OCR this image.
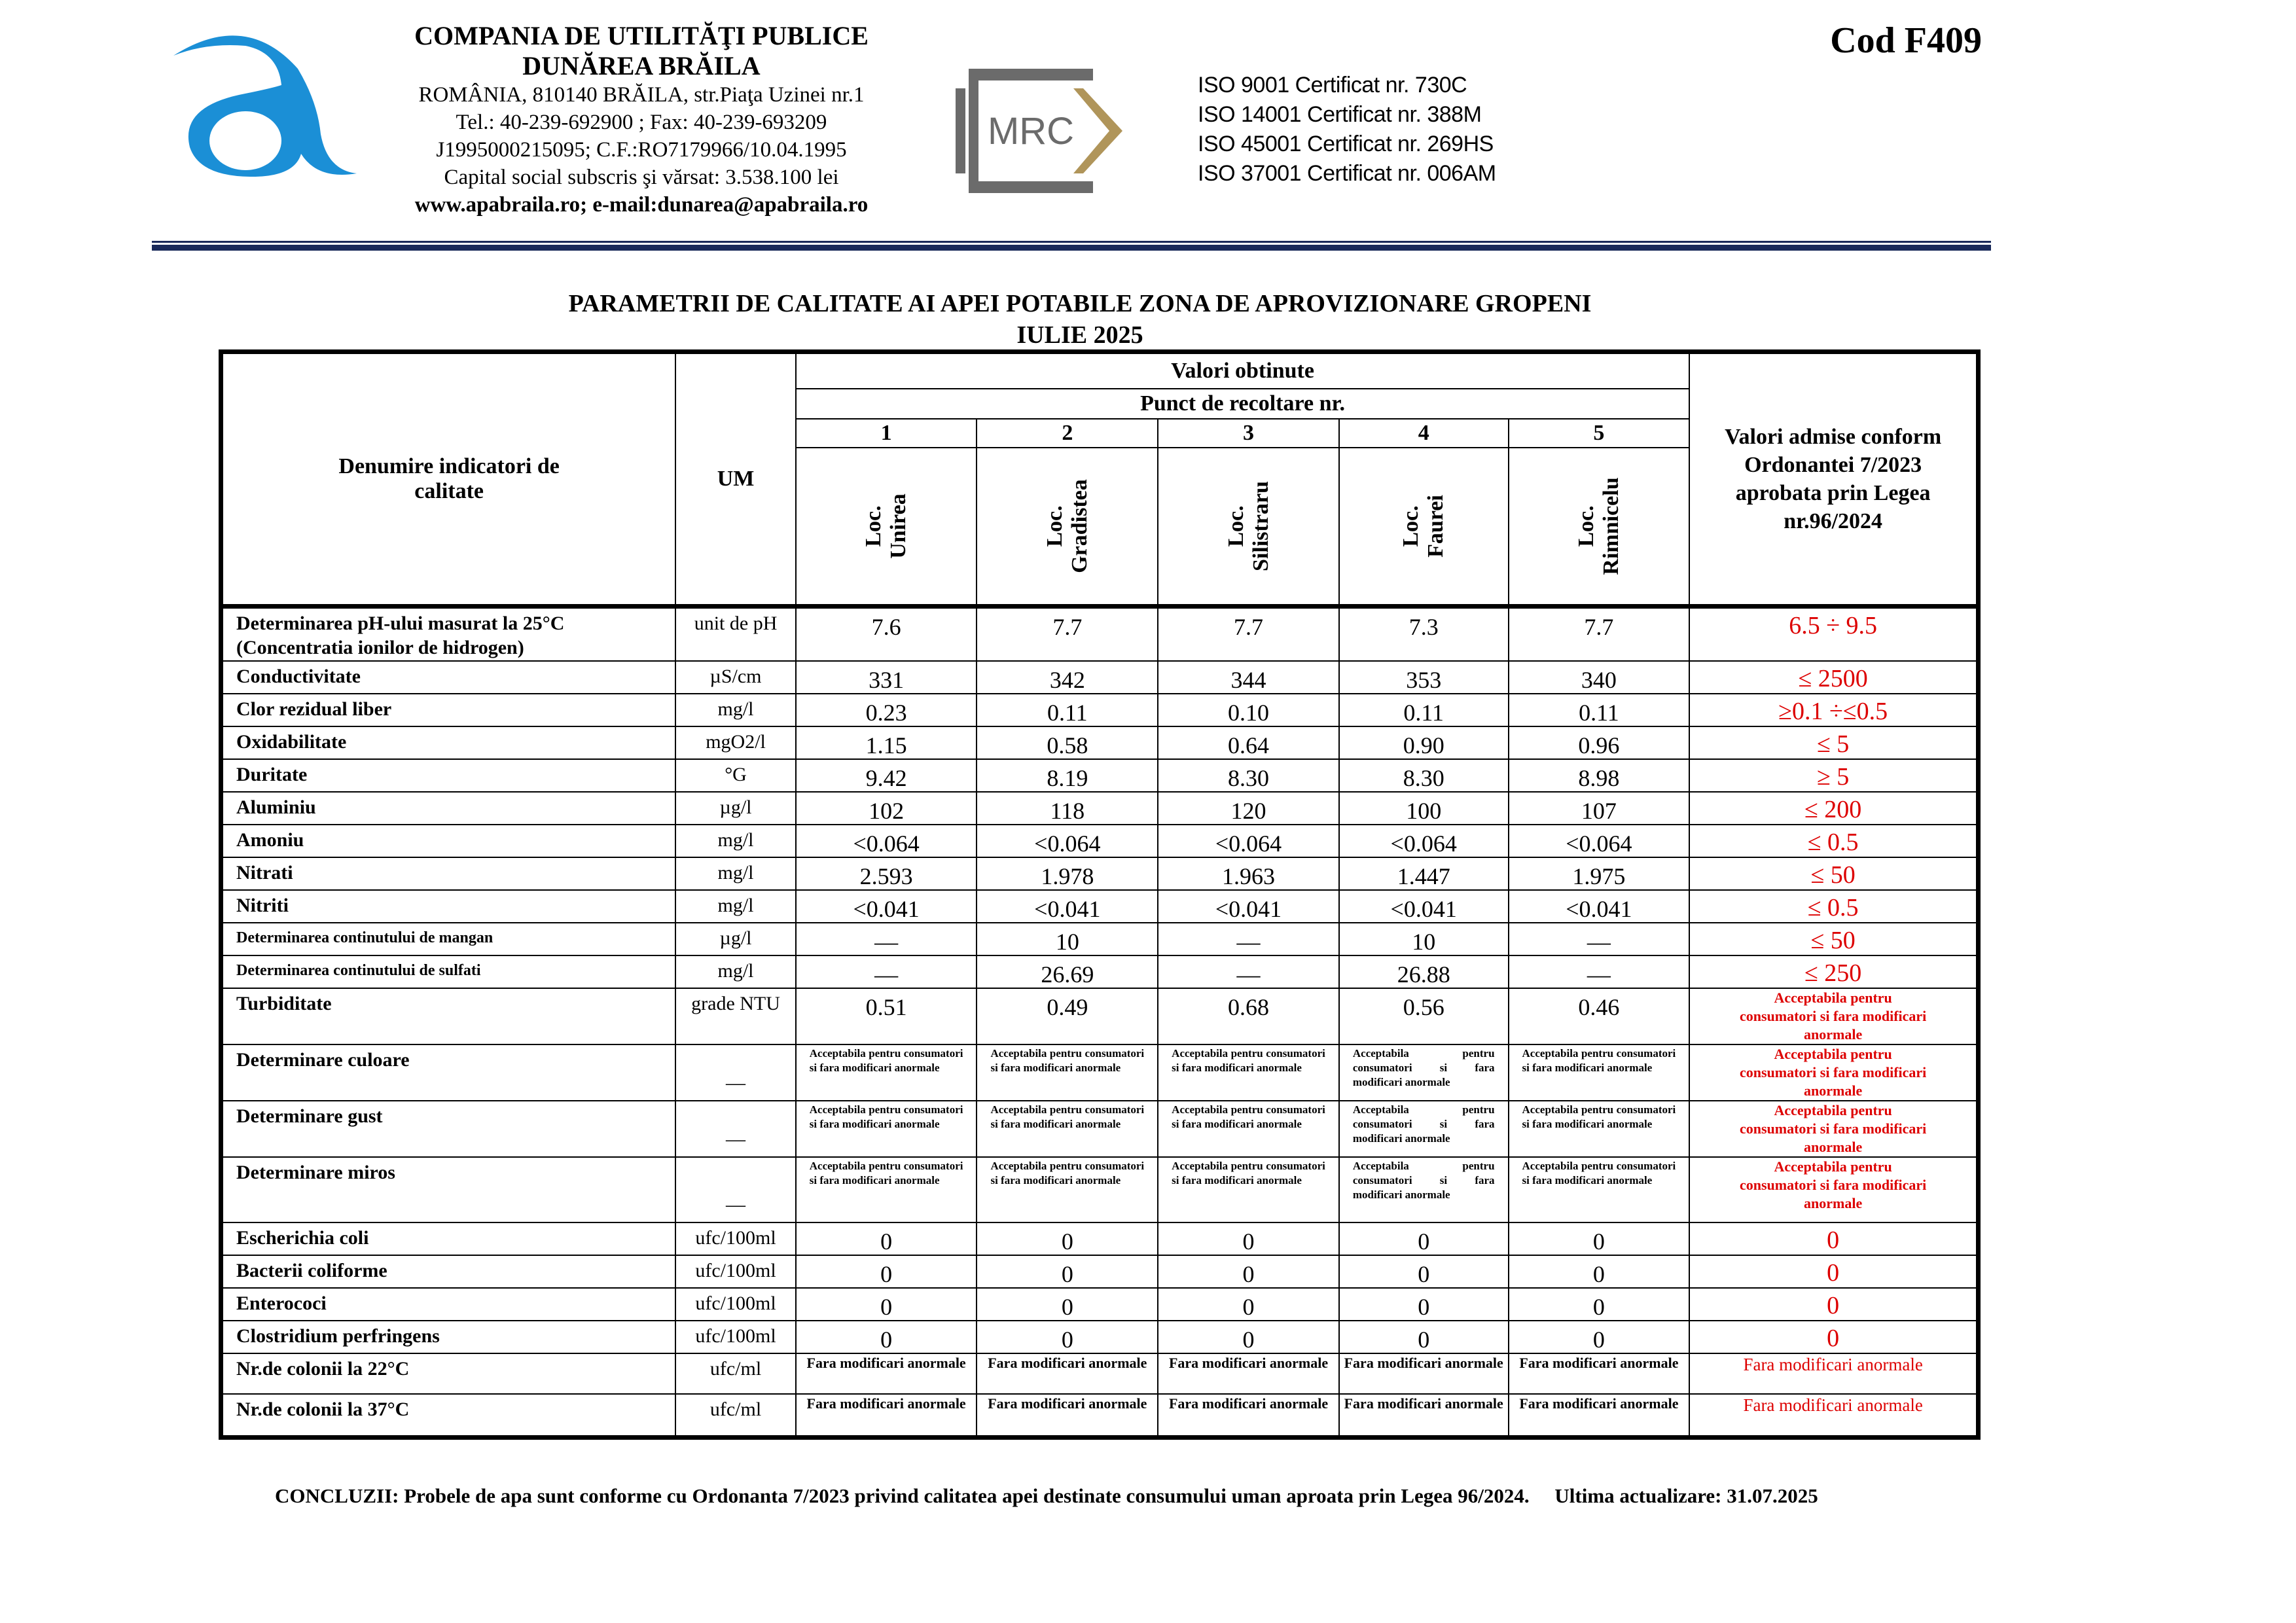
COMPANIA DE UTILITĂŢI PUBLICE
DUNĂREA BRĂILA
ROMÂNIA, 810140 BRĂILA, str.Piaţa Uzinei nr.1
Tel.: 40-239-692900 ; Fax: 40-239-693209
J1995000215095; C.F.:RO7179966/10.04.1995
Capital social subscris şi vărsat: 3.538.100 lei
www.apabraila.ro; e-mail:dunarea@apabraila.ro
MRC
ISO 9001 Certificat nr. 730C
ISO 14001 Certificat nr. 388M
ISO 45001 Certificat nr. 269HS
ISO 37001 Certificat nr. 006AM
Cod F409
PARAMETRII DE CALITATE AI APEI POTABILE ZONA DE APROVIZIONARE GROPENI
IULIE 2025
Denumire indicatori de calitate	UM	Valori obtinute					Valori admise conform Ordonantei 7/2023 aprobata prin Legea nr.96/2024

		Punct de recoltare nr.					
		1	2	3	4	5	

		Loc. Unirea	Loc. Gradistea	Loc. Silistraru	Loc. Faurei	Loc. Rimnicelu	

Determinarea pH-ului masurat la 25°C (Concentratia ionilor de hidrogen)	unit de pH	7.6	7.7	7.7	7.3	7.7	6.5 ÷ 9.5

Conductivitate	µS/cm	331	342	344	353	340	≤ 2500

Clor rezidual liber	mg/l	0.23	0.11	0.10	0.11	0.11	≥0.1 ÷≤0.5

Oxidabilitate	mgO2/l	1.15	0.58	0.64	0.90	0.96	≤ 5

Duritate	°G	9.42	8.19	8.30	8.30	8.98	≥ 5

Aluminiu	µg/l	102	118	120	100	107	≤ 200

Amoniu	mg/l	<0.064	<0.064	<0.064	<0.064	<0.064	≤ 0.5

Nitrati	mg/l	2.593	1.978	1.963	1.447	1.975	≤ 50

Nitriti	mg/l	<0.041	<0.041	<0.041	<0.041	<0.041	≤ 0.5

Determinarea continutului de mangan	µg/l	—	10	—	10	—	≤ 50

Determinarea continutului de sulfati	mg/l	—	26.69	—	26.88	—	≤ 250

Turbiditate	grade NTU	0.51	0.49	0.68	0.56	0.46	Acceptabila pentru consumatori si fara modificari anormale

Determinare culoare	—	Acceptabila pentru consumatori si fara modificari anormale	Acceptabila pentru consumatori si fara modificari anormale	Acceptabila pentru consumatori si fara modificari anormale	Acceptabila pentru consumatori si fara modificari anormale	Acceptabila pentru consumatori si fara modificari anormale	Acceptabila pentru consumatori si fara modificari anormale

Determinare gust	—	Acceptabila pentru consumatori si fara modificari anormale	Acceptabila pentru consumatori si fara modificari anormale	Acceptabila pentru consumatori si fara modificari anormale	Acceptabila pentru consumatori si fara modificari anormale	Acceptabila pentru consumatori si fara modificari anormale	Acceptabila pentru consumatori si fara modificari anormale

Determinare miros	—	Acceptabila pentru consumatori si fara modificari anormale	Acceptabila pentru consumatori si fara modificari anormale	Acceptabila pentru consumatori si fara modificari anormale	Acceptabila pentru consumatori si fara modificari anormale	Acceptabila pentru consumatori si fara modificari anormale	Acceptabila pentru consumatori si fara modificari anormale

Escherichia coli	ufc/100ml	0	0	0	0	0	0

Bacterii coliforme	ufc/100ml	0	0	0	0	0	0

Enterococi	ufc/100ml	0	0	0	0	0	0

Clostridium perfringens	ufc/100ml	0	0	0	0	0	0

Nr.de colonii la 22°C	ufc/ml	Fara modificari anormale	Fara modificari anormale	Fara modificari anormale	Fara modificari anormale	Fara modificari anormale	Fara modificari anormale

Nr.de colonii la 37°C	ufc/ml	Fara modificari anormale	Fara modificari anormale	Fara modificari anormale	Fara modificari anormale	Fara modificari anormale	Fara modificari anormale
CONCLUZII: Probele de apa sunt conforme cu Ordonanta 7/2023 privind calitatea apei destinate consumului uman aproata prin Legea 96/2024. Ultima actualizare: 31.07.2025
